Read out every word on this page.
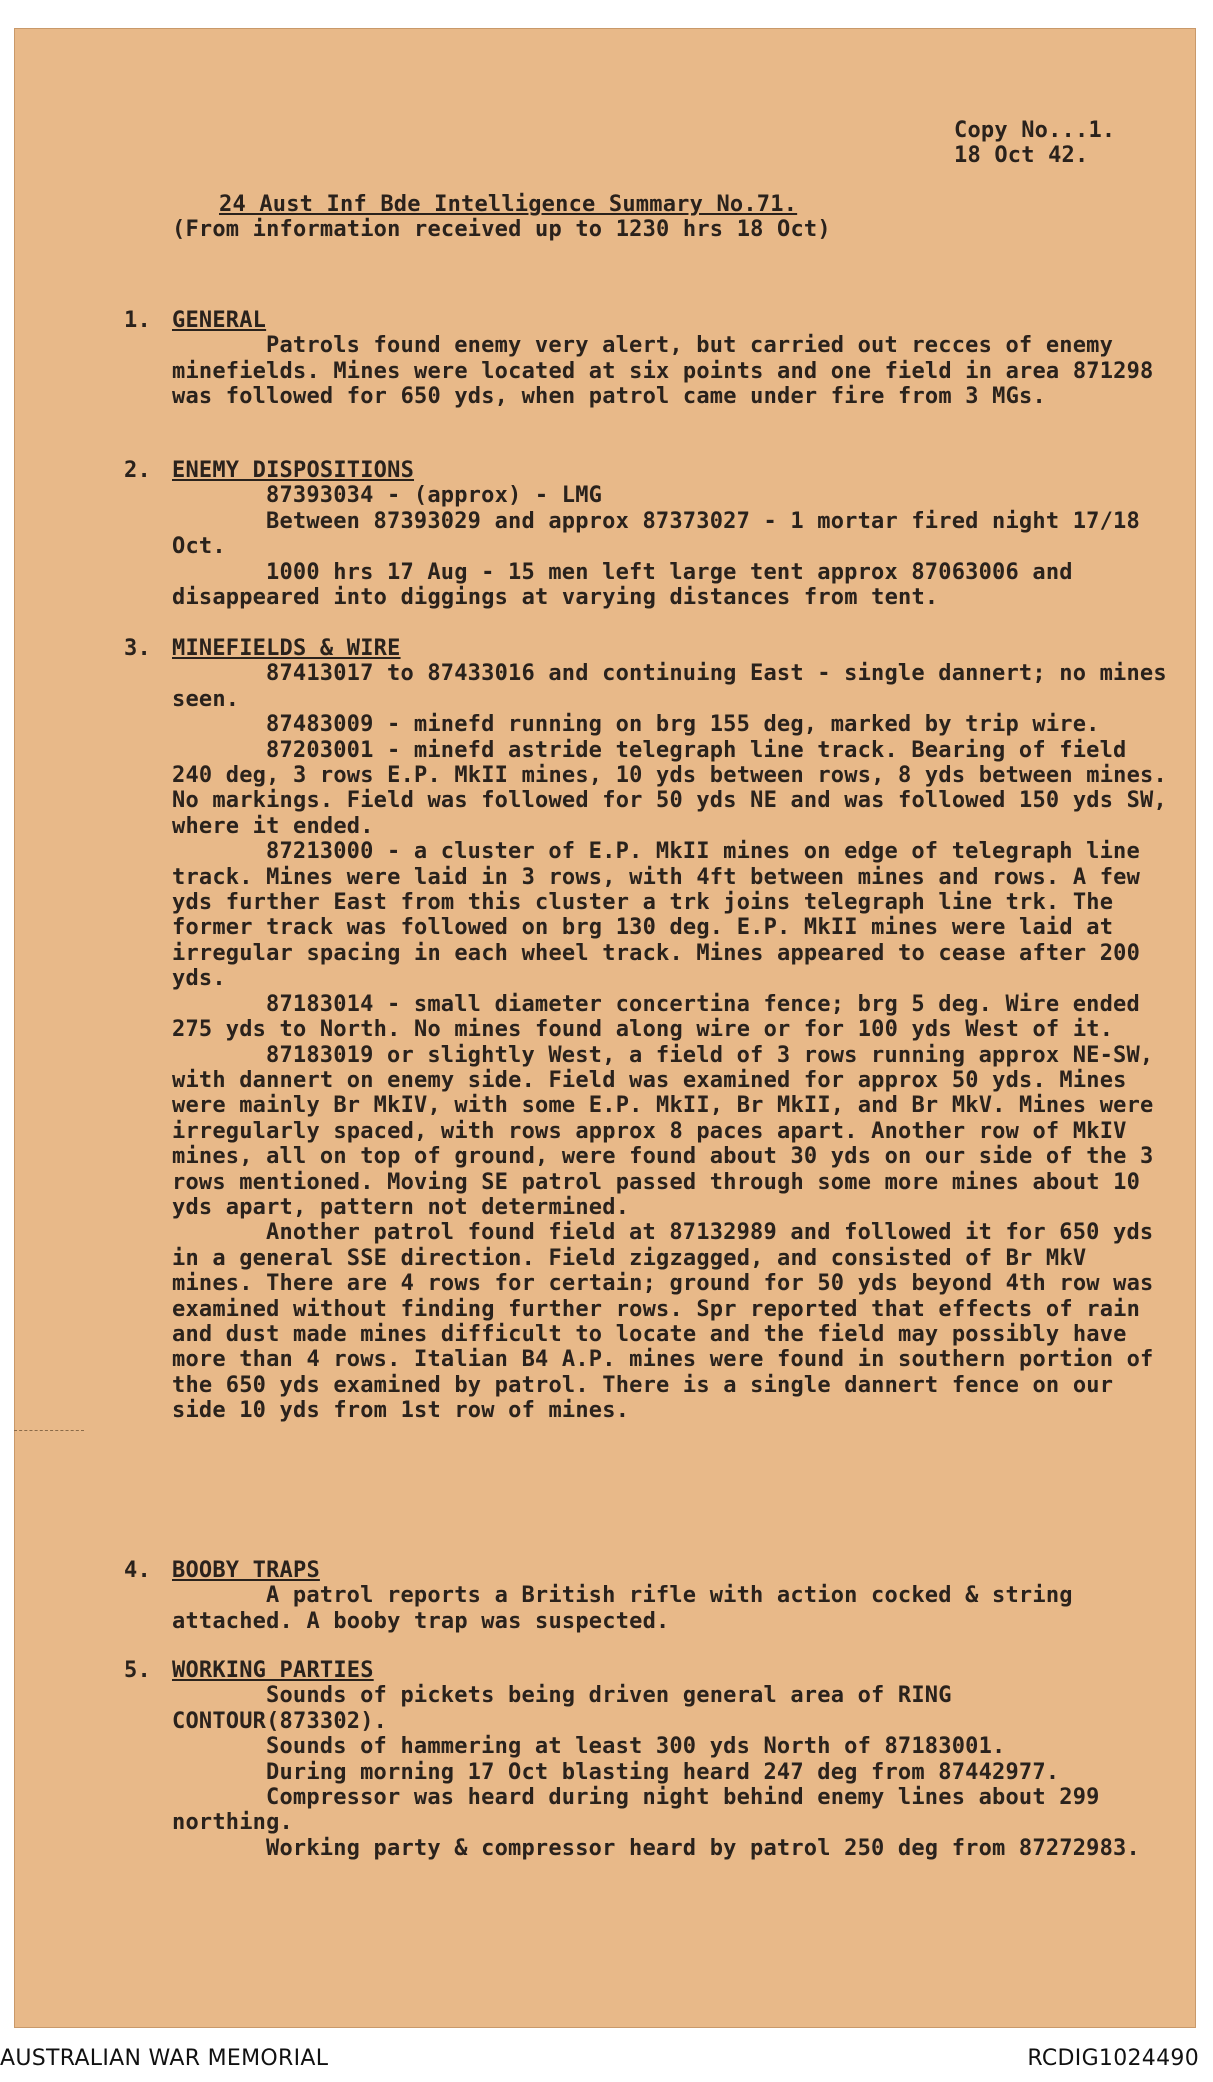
Copy No...1.
18 Oct 42.
24 Aust Inf Bde Intelligence Summary No.71.
(From information received up to 1230 hrs 18 Oct)
1. GENERAL
Patrols found enemy very alert, but carried out recces of enemy minefields. Mines were located at six points and one field in area 871298 was followed for 650 yds, when patrol came under fire from 3 MGs.
2. ENEMY DISPOSITIONS
87393034 - (approx) - LMG
Between 87393029 and approx 87373027 - 1 mortar fired night 17/18 Oct.
1000 hrs 17 Aug - 15 men left large tent approx 87063006 and disappeared into diggings at varying distances from tent.
3. MINEFIELDS & WIRE
87413017 to 87433016 and continuing East - single dannert; no mines seen.
87483009 - minefd running on brg 155 deg, marked by trip wire.
87203001 - minefd astride telegraph line track. Bearing of field 240 deg, 3 rows E.P. MkII mines, 10 yds between rows, 8 yds between mines. No markings. Field was followed for 50 yds NE and was followed 150 yds SW, where it ended.
87213000 - a cluster of E.P. MkII mines on edge of telegraph line track. Mines were laid in 3 rows, with 4ft between mines and rows. A few yds further East from this cluster a trk joins telegraph line trk. The former track was followed on brg 130 deg. E.P. MkII mines were laid at irregular spacing in each wheel track. Mines appeared to cease after 200 yds.
87183014 - small diameter concertina fence; brg 5 deg. Wire ended 275 yds to North. No mines found along wire or for 100 yds West of it.
87183019 or slightly West, a field of 3 rows running approx NE-SW, with dannert on enemy side. Field was examined for approx 50 yds. Mines were mainly Br MkIV, with some E.P. MkII, Br MkII, and Br MkV. Mines were irregularly spaced, with rows approx 8 paces apart. Another row of MkIV mines, all on top of ground, were found about 30 yds on our side of the 3 rows mentioned. Moving SE patrol passed through some more mines about 10 yds apart, pattern not determined.
Another patrol found field at 87132989 and followed it for 650 yds in a general SSE direction. Field zigzagged, and consisted of Br MkV mines. There are 4 rows for certain; ground for 50 yds beyond 4th row was examined without finding further rows. Spr reported that effects of rain and dust made mines difficult to locate and the field may possibly have more than 4 rows. Italian B4 A.P. mines were found in southern portion of the 650 yds examined by patrol. There is a single dannert fence on our side 10 yds from 1st row of mines.
4. BOOBY TRAPS
A patrol reports a British rifle with action cocked & string attached. A booby trap was suspected.
5. WORKING PARTIES
Sounds of pickets being driven general area of RING CONTOUR(873302).
Sounds of hammering at least 300 yds North of 87183001.
During morning 17 Oct blasting heard 247 deg from 87442977.
Compressor was heard during night behind enemy lines about 299 northing.
Working party & compressor heard by patrol 250 deg from 87272983.
AUSTRALIAN WAR MEMORIAL	RCDIG1024490
